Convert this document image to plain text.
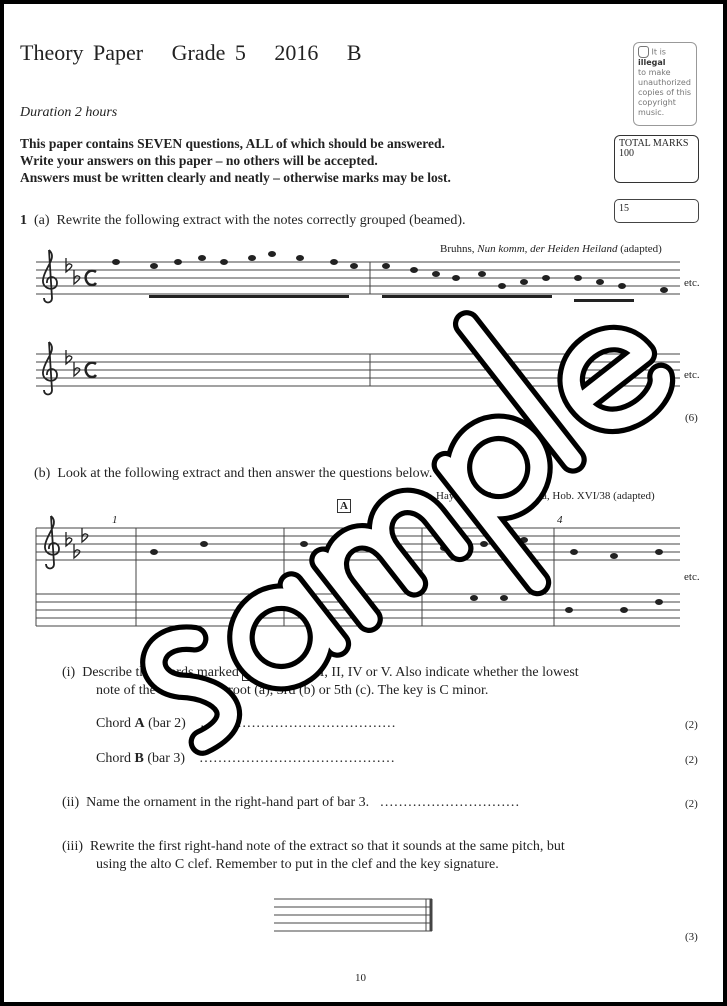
Theory Paper   Grade 5   2016   B
Duration 2 hours
This paper contains SEVEN questions, ALL of which should be answered.
Write your answers on this paper – no others will be accepted.
Answers must be written clearly and neatly – otherwise marks may be lost.
It is
illegal
to make unauthorized copies of this copyright music.
TOTAL MARKS
100
15
1 (a) Rewrite the following extract with the notes correctly grouped (beamed).
Bruhns, Nun komm, der Heiden Heiland (adapted)
etc.
etc.
(6)
(b) Look at the following extract and then answer the questions below.
Haydn, Keyboard Sonata, Hob. XVI/38 (adapted)
1	3	4
A
B
etc.
(i) Describe the chords marked A and B as I, II, IV or V. Also indicate whether the lowest
note of the chord is the root (a), 3rd (b) or 5th (c). The key is C minor.
Chord A (bar 2) ……………………………………	(2)
Chord B (bar 3) ……………………………………	(2)
(ii) Name the ornament in the right-hand part of bar 3. …………………………	(2)
(iii) Rewrite the first right-hand note of the extract so that it sounds at the same pitch, but
using the alto C clef. Remember to put in the clef and the key signature.
(3)
10
